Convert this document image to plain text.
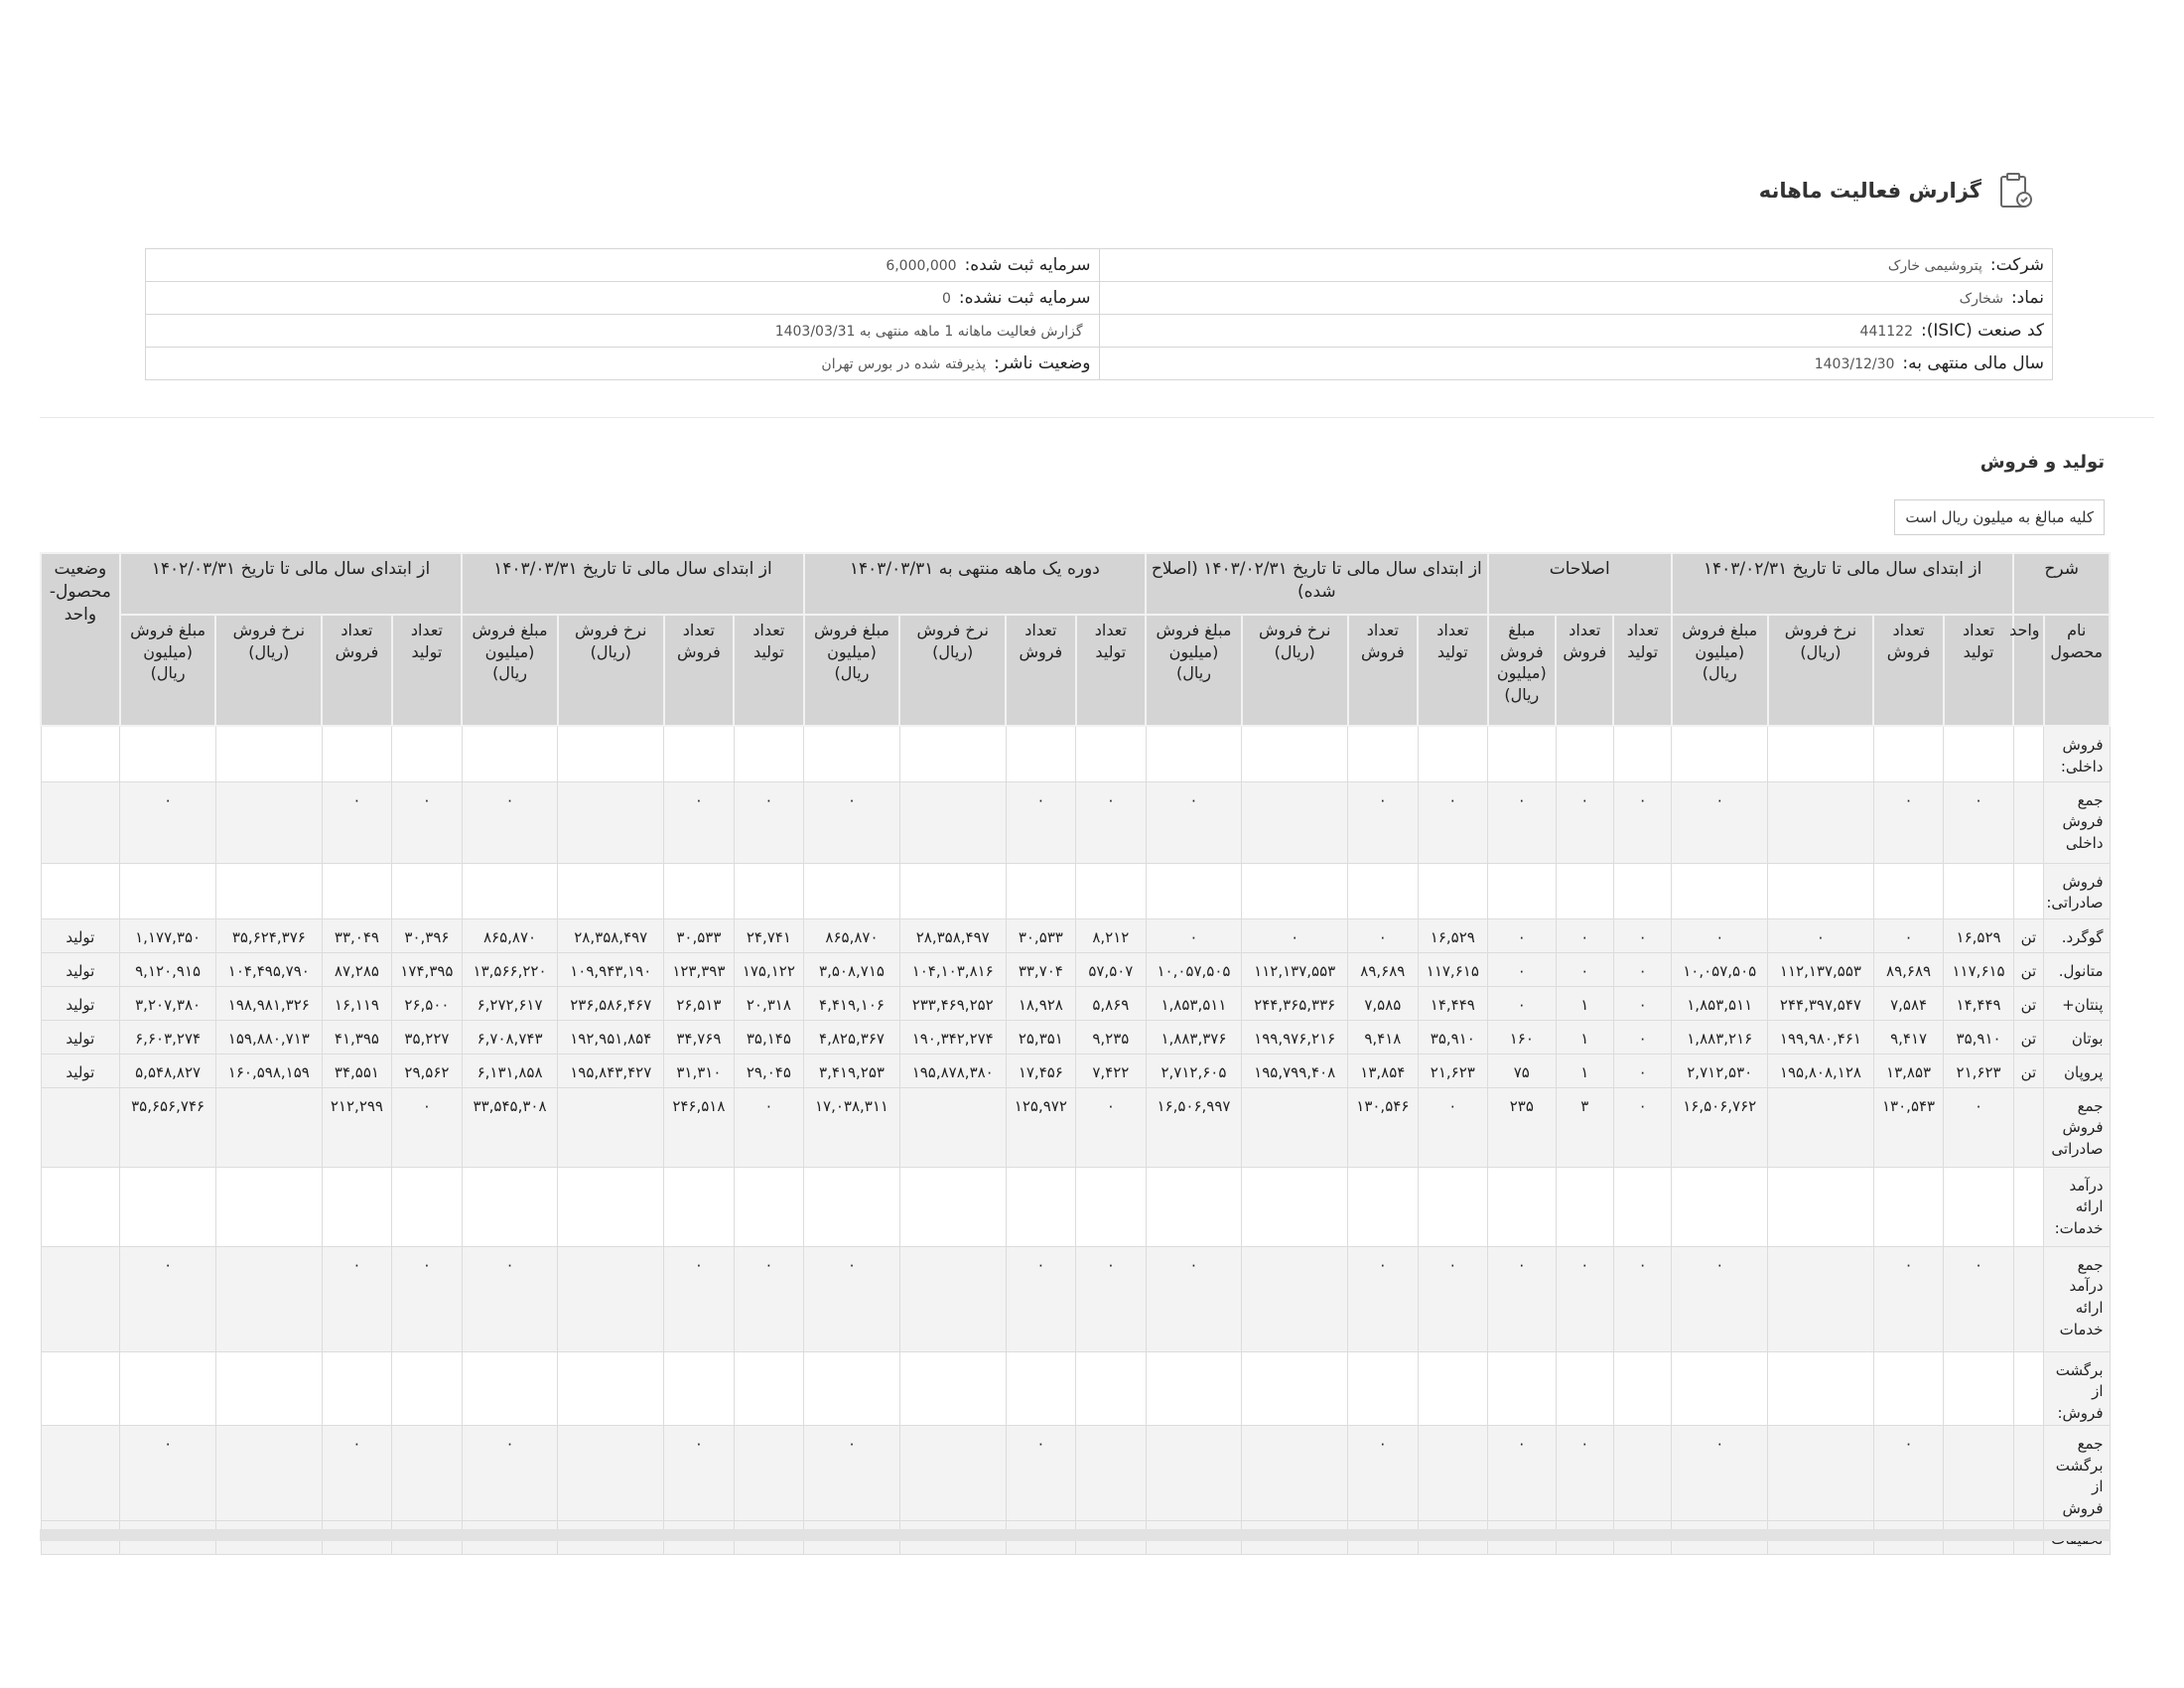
گزارش فعالیت ماهانه
شرکت:پتروشیمی خارک	سرمایه ثبت شده:6,000,000
نماد:شخارک	سرمایه ثبت نشده:0
کد صنعت (ISIC):441122	گزارش فعالیت ماهانه 1 ماهه منتهی به 1403/03/31
سال مالی منتهی به:1403/12/30	وضعیت ناشر:پذیرفته شده در بورس تهران
تولید و فروش
کلیه مبالغ به میلیون ریال است
شرح		از ابتدای سال مالی تا تاریخ ۱۴۰۳/۰۲/۳۱				اصلاحات			از ابتدای سال مالی تا تاریخ ۱۴۰۳/۰۲/۳۱ (اصلاح شده)				دوره یک ماهه منتهی به ۱۴۰۳/۰۳/۳۱				از ابتدای سال مالی تا تاریخ ۱۴۰۳/۰۳/۳۱				از ابتدای سال مالی تا تاریخ ۱۴۰۲/۰۳/۳۱				وضعیت محصول-واحد
نام محصول	واحد	تعداد تولید	تعداد فروش	نرخ فروش (ریال)	مبلغ فروش (میلیون ریال)	تعداد تولید	تعداد فروش	مبلغ فروش (میلیون ریال)	تعداد تولید	تعداد فروش	نرخ فروش (ریال)	مبلغ فروش (میلیون ریال)	تعداد تولید	تعداد فروش	نرخ فروش (ریال)	مبلغ فروش (میلیون ریال)	تعداد تولید	تعداد فروش	نرخ فروش (ریال)	مبلغ فروش (میلیون ریال)	تعداد تولید	تعداد فروش	نرخ فروش (ریال)	مبلغ فروش (میلیون ریال)	
فروش داخلی:																									
جمع فروش داخلی		۰	۰		۰	۰	۰	۰	۰	۰		۰	۰	۰		۰	۰	۰		۰	۰	۰		۰	
فروش صادراتی:																									
گوگرد.	تن	۱۶,۵۲۹	۰	۰	۰	۰	۰	۰	۱۶,۵۲۹	۰	۰	۰	۸,۲۱۲	۳۰,۵۳۳	۲۸,۳۵۸,۴۹۷	۸۶۵,۸۷۰	۲۴,۷۴۱	۳۰,۵۳۳	۲۸,۳۵۸,۴۹۷	۸۶۵,۸۷۰	۳۰,۳۹۶	۳۳,۰۴۹	۳۵,۶۲۴,۳۷۶	۱,۱۷۷,۳۵۰	تولید
متانول.	تن	۱۱۷,۶۱۵	۸۹,۶۸۹	۱۱۲,۱۳۷,۵۵۳	۱۰,۰۵۷,۵۰۵	۰	۰	۰	۱۱۷,۶۱۵	۸۹,۶۸۹	۱۱۲,۱۳۷,۵۵۳	۱۰,۰۵۷,۵۰۵	۵۷,۵۰۷	۳۳,۷۰۴	۱۰۴,۱۰۳,۸۱۶	۳,۵۰۸,۷۱۵	۱۷۵,۱۲۲	۱۲۳,۳۹۳	۱۰۹,۹۴۳,۱۹۰	۱۳,۵۶۶,۲۲۰	۱۷۴,۳۹۵	۸۷,۲۸۵	۱۰۴,۴۹۵,۷۹۰	۹,۱۲۰,۹۱۵	تولید
پنتان+	تن	۱۴,۴۴۹	۷,۵۸۴	۲۴۴,۳۹۷,۵۴۷	۱,۸۵۳,۵۱۱	۰	۱	۰	۱۴,۴۴۹	۷,۵۸۵	۲۴۴,۳۶۵,۳۳۶	۱,۸۵۳,۵۱۱	۵,۸۶۹	۱۸,۹۲۸	۲۳۳,۴۶۹,۲۵۲	۴,۴۱۹,۱۰۶	۲۰,۳۱۸	۲۶,۵۱۳	۲۳۶,۵۸۶,۴۶۷	۶,۲۷۲,۶۱۷	۲۶,۵۰۰	۱۶,۱۱۹	۱۹۸,۹۸۱,۳۲۶	۳,۲۰۷,۳۸۰	تولید
بوتان	تن	۳۵,۹۱۰	۹,۴۱۷	۱۹۹,۹۸۰,۴۶۱	۱,۸۸۳,۲۱۶	۰	۱	۱۶۰	۳۵,۹۱۰	۹,۴۱۸	۱۹۹,۹۷۶,۲۱۶	۱,۸۸۳,۳۷۶	۹,۲۳۵	۲۵,۳۵۱	۱۹۰,۳۴۲,۲۷۴	۴,۸۲۵,۳۶۷	۳۵,۱۴۵	۳۴,۷۶۹	۱۹۲,۹۵۱,۸۵۴	۶,۷۰۸,۷۴۳	۳۵,۲۲۷	۴۱,۳۹۵	۱۵۹,۸۸۰,۷۱۳	۶,۶۰۳,۲۷۴	تولید
پروپان	تن	۲۱,۶۲۳	۱۳,۸۵۳	۱۹۵,۸۰۸,۱۲۸	۲,۷۱۲,۵۳۰	۰	۱	۷۵	۲۱,۶۲۳	۱۳,۸۵۴	۱۹۵,۷۹۹,۴۰۸	۲,۷۱۲,۶۰۵	۷,۴۲۲	۱۷,۴۵۶	۱۹۵,۸۷۸,۳۸۰	۳,۴۱۹,۲۵۳	۲۹,۰۴۵	۳۱,۳۱۰	۱۹۵,۸۴۳,۴۲۷	۶,۱۳۱,۸۵۸	۲۹,۵۶۲	۳۴,۵۵۱	۱۶۰,۵۹۸,۱۵۹	۵,۵۴۸,۸۲۷	تولید
جمع فروش صادراتی		۰	۱۳۰,۵۴۳		۱۶,۵۰۶,۷۶۲	۰	۳	۲۳۵	۰	۱۳۰,۵۴۶		۱۶,۵۰۶,۹۹۷	۰	۱۲۵,۹۷۲		۱۷,۰۳۸,۳۱۱	۰	۲۴۶,۵۱۸		۳۳,۵۴۵,۳۰۸	۰	۲۱۲,۲۹۹		۳۵,۶۵۶,۷۴۶	
درآمد ارائه خدمات:																									
جمع درآمد ارائه خدمات		۰	۰		۰	۰	۰	۰	۰	۰		۰	۰	۰		۰	۰	۰		۰	۰	۰		۰	
برگشت از فروش:																									
جمع برگشت از فروش			۰		۰		۰	۰		۰				۰		۰		۰		۰		۰		۰	
